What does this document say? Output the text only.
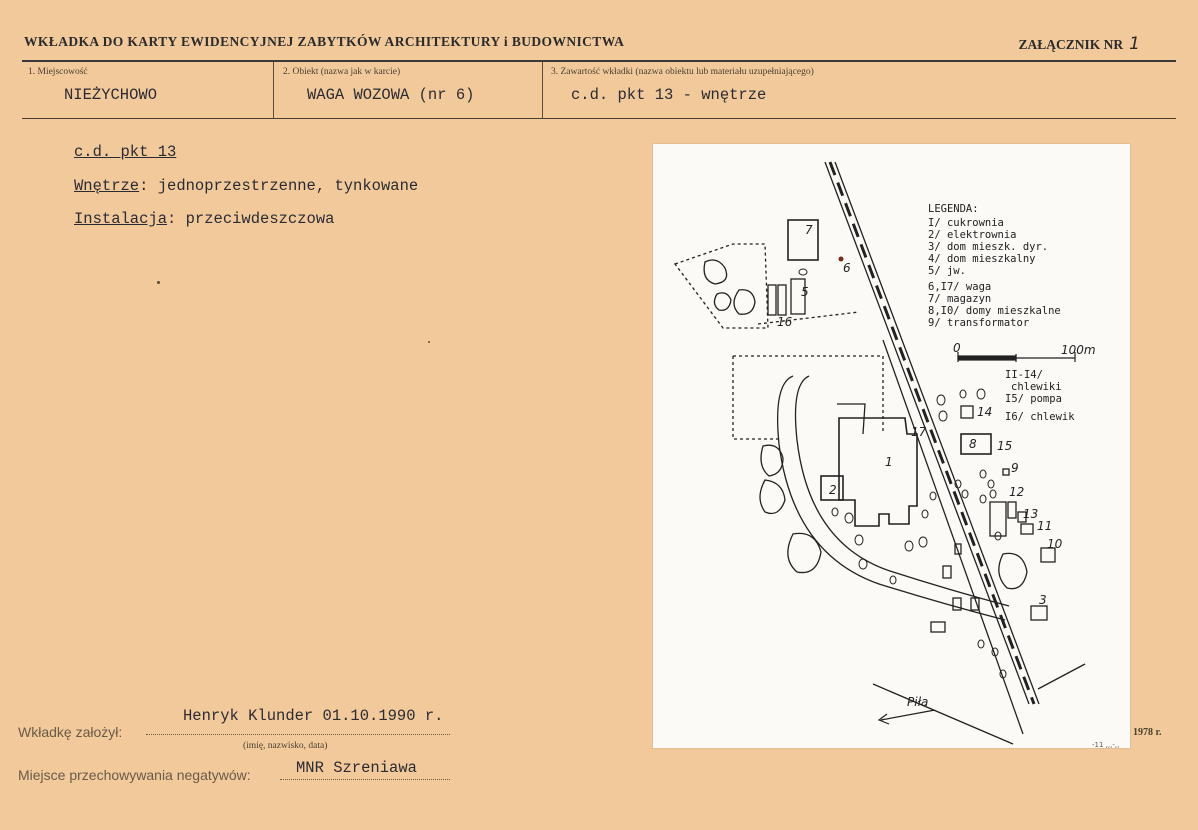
WKŁADKA DO KARTY EWIDENCYJNEJ ZABYTKÓW ARCHITEKTURY i BUDOWNICTWA	ZAŁĄCZNIK NR 1
1. Miejscowość
NIEŻYCHOWO
2. Obiekt (nazwa jak w karcie)
WAGA WOZOWA (nr 6)
3. Zawartość wkładki (nazwa obiektu lub materiału uzupełniającego)
c.d. pkt 13 - wnętrze
c.d. pkt 13
Wnętrze: jednoprzestrzenne, tynkowane
Instalacja: przeciwdeszczowa
LEGENDA:
I/ cukrownia
2/ elektrownia
3/ dom mieszk. dyr.
4/ dom mieszkalny
5/ jw.
6,I7/ waga
7/ magazyn
8,I0/ domy mieszkalne
9/ transformator
II-I4/
chlewiki
I5/ pompa
I6/ chlewik
0	100m
Piła
1
2
3
5
6
7
8
9
10
11
12
13
14
15
16
17
1978 r.
-11 ,,,-,,
Wkładkę założył:
Henryk Klunder 01.10.1990 r.
(imię, nazwisko, data)
Miejsce przechowywania negatywów:	MNR Szreniawa
